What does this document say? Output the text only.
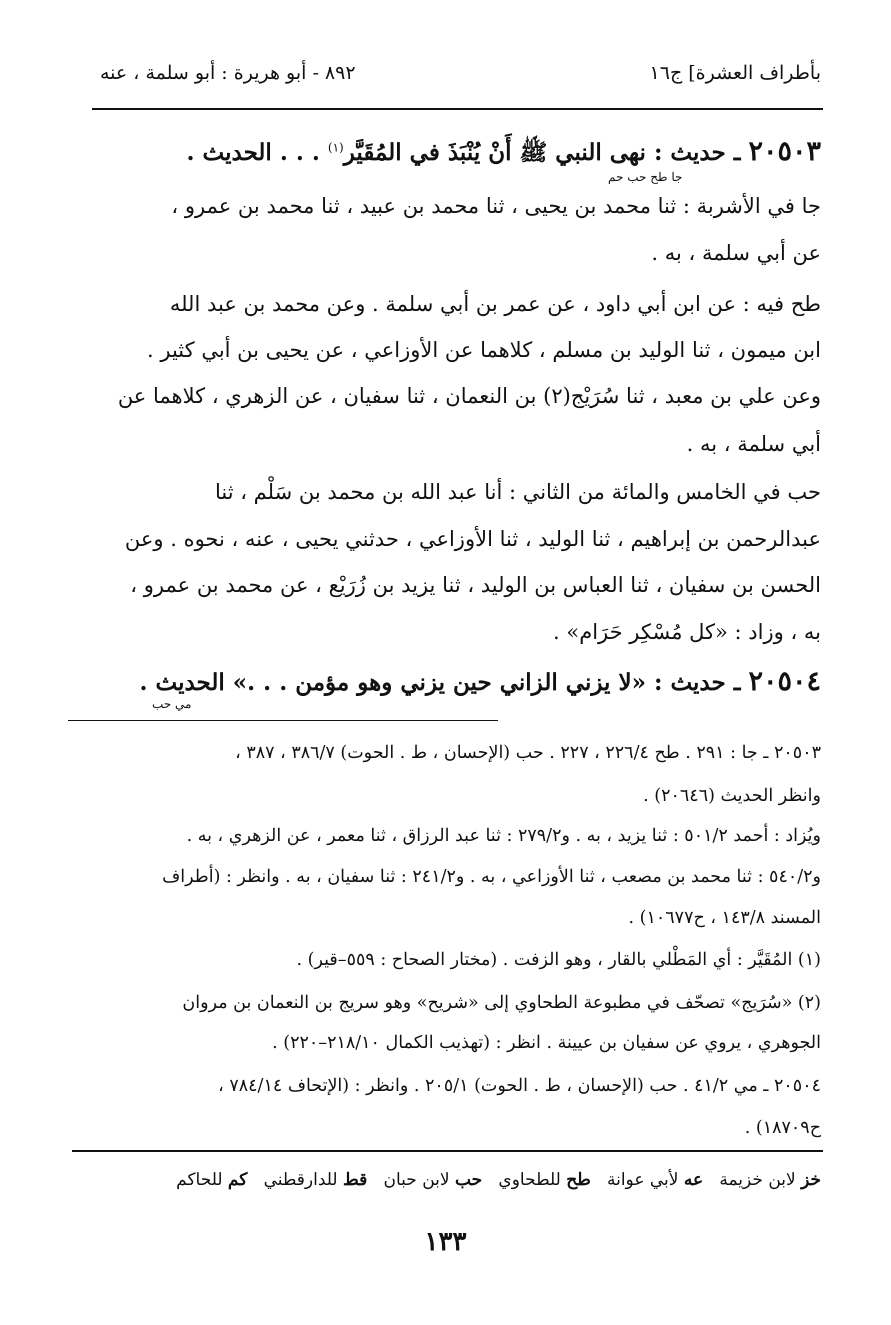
بأطراف العشرة] ج١٦
٨٩٢ - أبو هريرة : أبو سلمة ، عنه
٢٠٥٠٣ ـ حديث : نهى النبي ﷺ أَنْ يُنْبَذَ في المُقَيَّر$^{(١)}$ . . . الحديث .
جا طح حب حم
جا في الأشربة : ثنا محمد بن يحيى ، ثنا محمد بن عبيد ، ثنا محمد بن عمرو ،
عن أبي سلمة ، به .
طح فيه : عن ابن أبي داود ، عن عمر بن أبي سلمة . وعن محمد بن عبد الله
ابن ميمون ، ثنا الوليد بن مسلم ، كلاهما عن الأوزاعي ، عن يحيى بن أبي كثير .
وعن علي بن معبد ، ثنا سُرَيْج(٢) بن النعمان ، ثنا سفيان ، عن الزهري ، كلاهما عن
أبي سلمة ، به .
حب في الخامس والمائة من الثاني : أنا عبد الله بن محمد بن سَلْم ، ثنا
عبدالرحمن بن إبراهيم ، ثنا الوليد ، ثنا الأوزاعي ، حدثني يحيى ، عنه ، نحوه . وعن
الحسن بن سفيان ، ثنا العباس بن الوليد ، ثنا يزيد بن زُرَيْع ، عن محمد بن عمرو ،
به ، وزاد : «كل مُسْكِر حَرَام» .
٢٠٥٠٤ ـ حديث : «لا يزني الزاني حين يزني وهو مؤمن . . .» الحديث .
مي حب
٢٠٥٠٣ ـ جا : ٢٩١ . طح ٢٢٦/٤ ، ٢٢٧ . حب (الإحسان ، ط . الحوت) ٣٨٦/٧ ، ٣٨٧ ،
وانظر الحديث (٢٠٦٤٦) .
ويُزاد : أحمد ٥٠١/٢ : ثنا يزيد ، به . و٢٧٩/٢ : ثنا عبد الرزاق ، ثنا معمر ، عن الزهري ، به .
و٥٤٠/٢ : ثنا محمد بن مصعب ، ثنا الأوزاعي ، به . و٢٤١/٢ : ثنا سفيان ، به . وانظر : (أطراف
المسند ١٤٣/٨ ، ح١٠٦٧٧) .
(١) المُقَيَّر : أي المَطْلي بالقار ، وهو الزفت . (مختار الصحاح : ٥٥٩–قير) .
(٢) «سُرَيج» تصحّف في مطبوعة الطحاوي إلى «شريح» وهو سريج بن النعمان بن مروان
الجوهري ، يروي عن سفيان بن عيينة . انظر : (تهذيب الكمال ٢١٨/١٠–٢٢٠) .
٢٠٥٠٤ ـ مي ٤١/٢ . حب (الإحسان ، ط . الحوت) ٢٠٥/١ . وانظر : (الإتحاف ٧٨٤/١٤ ،
ح١٨٧٠٩) .
خز لابن خزيمة   عه لأبي عوانة   طح للطحاوي   حب لابن حبان   قط للدارقطني   كم للحاكم
١٣٣
